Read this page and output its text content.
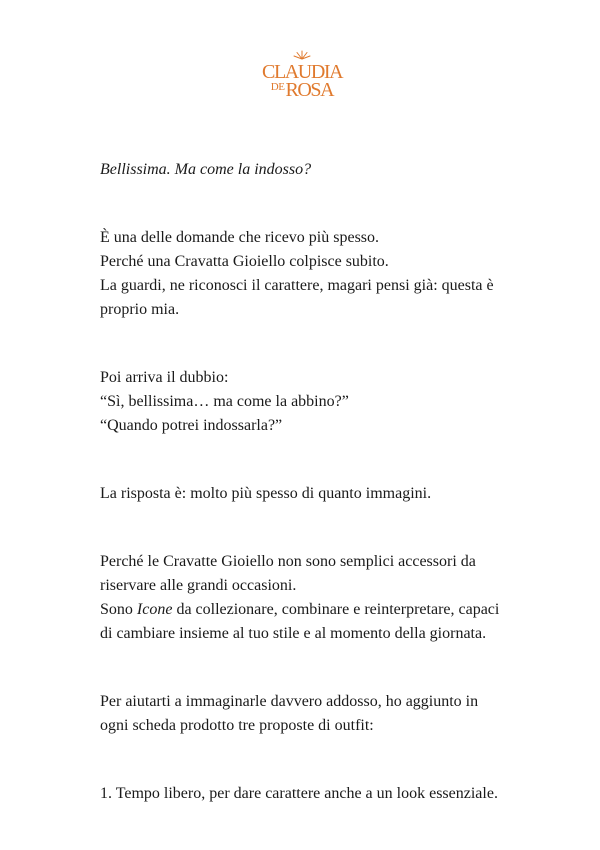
CLAUDIA
$^{DE}$ROSA

Bellissima. Ma come la indosso?

È una delle domande che ricevo più spesso.
Perché una Cravatta Gioiello colpisce subito.
La guardi, ne riconosci il carattere, magari pensi già: questa è proprio mia.

Poi arriva il dubbio:
“Sì, bellissima… ma come la abbino?”
“Quando potrei indossarla?”

La risposta è: molto più spesso di quanto immagini.

Perché le Cravatte Gioiello non sono semplici accessori da riservare alle grandi occasioni.
Sono Icone da collezionare, combinare e reinterpretare, capaci di cambiare insieme al tuo stile e al momento della giornata.

Per aiutarti a immaginarle davvero addosso, ho aggiunto in ogni scheda prodotto tre proposte di outfit:

1. Tempo libero, per dare carattere anche a un look essenziale.
